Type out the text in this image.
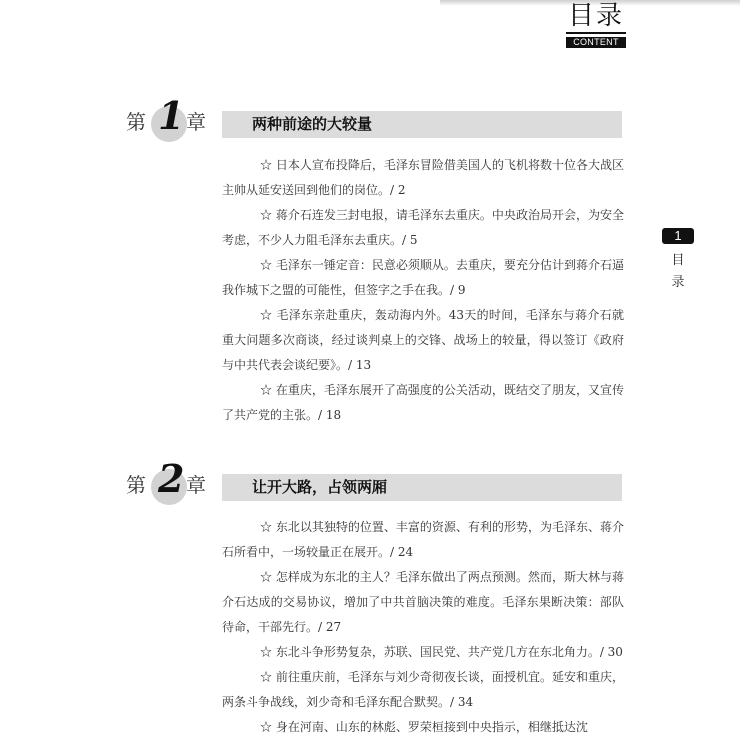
目录
CONTENT
1
目
录
第 1 章	两种前途的大较量

☆ 日本人宣布投降后，毛泽东冒险借美国人的飞机将数十位各大战区主帅从延安送回到他们的岗位。/ 2

☆ 蒋介石连发三封电报，请毛泽东去重庆。中央政治局开会，为安全考虑，不少人力阻毛泽东去重庆。/ 5

☆ 毛泽东一锤定音：民意必须顺从。去重庆，要充分估计到蒋介石逼我作城下之盟的可能性，但签字之手在我。/ 9

☆ 毛泽东亲赴重庆，轰动海内外。43天的时间，毛泽东与蒋介石就重大问题多次商谈，经过谈判桌上的交锋、战场上的较量，得以签订《政府与中共代表会谈纪要》。/ 13

☆ 在重庆，毛泽东展开了高强度的公关活动，既结交了朋友，又宣传了共产党的主张。/ 18

第 2 章	让开大路，占领两厢

☆ 东北以其独特的位置、丰富的资源、有利的形势，为毛泽东、蒋介石所看中，一场较量正在展开。/ 24

☆ 怎样成为东北的主人？毛泽东做出了两点预测。然而，斯大林与蒋介石达成的交易协议，增加了中共首脑决策的难度。毛泽东果断决策：部队待命，干部先行。/ 27

☆ 东北斗争形势复杂，苏联、国民党、共产党几方在东北角力。/ 30

☆ 前往重庆前，毛泽东与刘少奇彻夜长谈，面授机宜。延安和重庆，两条斗争战线，刘少奇和毛泽东配合默契。/ 34

☆ 身在河南、山东的林彪、罗荣桓接到中央指示，相继抵达沈
